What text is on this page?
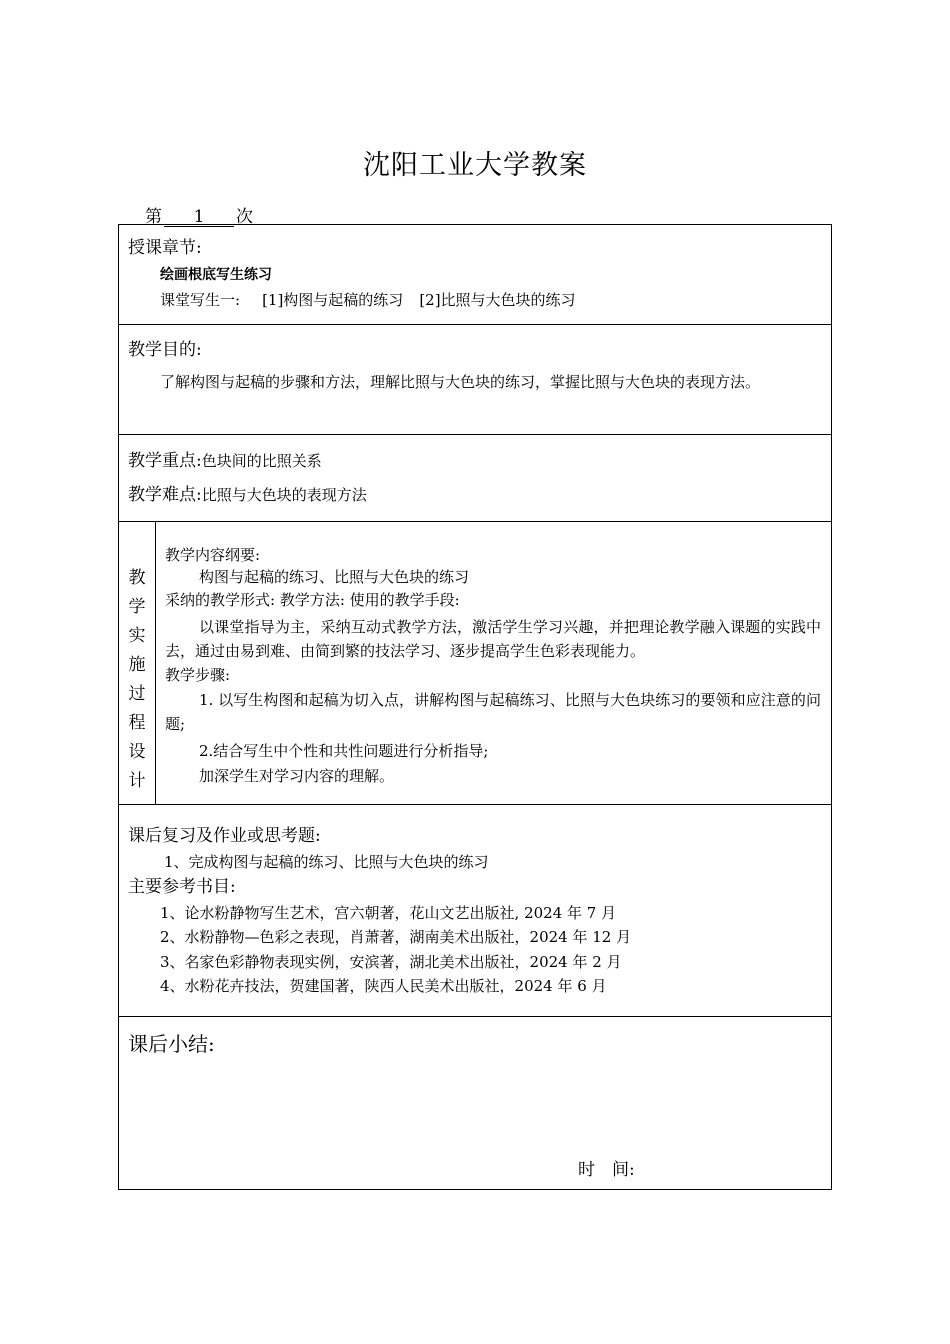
沈阳工业大学教案
第 1 次
授课章节:
绘画根底写生练习
课堂写生一: [1]构图与起稿的练习 [2]比照与大色块的练习
教学目的:
了解构图与起稿的步骤和方法，理解比照与大色块的练习，掌握比照与大色块的表现方法。
教学重点:色块间的比照关系
教学难点:比照与大色块的表现方法
教
学
实
施
过
程
设
计
教学内容纲要:
构图与起稿的练习、比照与大色块的练习
采纳的教学形式: 教学方法: 使用的教学手段:
以课堂指导为主，采纳互动式教学方法，激活学生学习兴趣，并把理论教学融入课题的实践中去，通过由易到难、由简到繁的技法学习、逐步提高学生色彩表现能力。
教学步骤:
1. 以写生构图和起稿为切入点，讲解构图与起稿练习、比照与大色块练习的要领和应注意的问题;
2.结合写生中个性和共性问题进行分析指导;
加深学生对学习内容的理解。
课后复习及作业或思考题:
1、完成构图与起稿的练习、比照与大色块的练习
主要参考书目:
1、论水粉静物写生艺术，宫六朝著，花山文艺出版社, 2024 年 7 月
2、水粉静物—色彩之表现，肖萧著，湖南美术出版社，2024 年 12 月
3、名家色彩静物表现实例，安滨著，湖北美术出版社，2024 年 2 月
4、水粉花卉技法，贺建国著，陕西人民美术出版社，2024 年 6 月
课后小结:
时　间:
